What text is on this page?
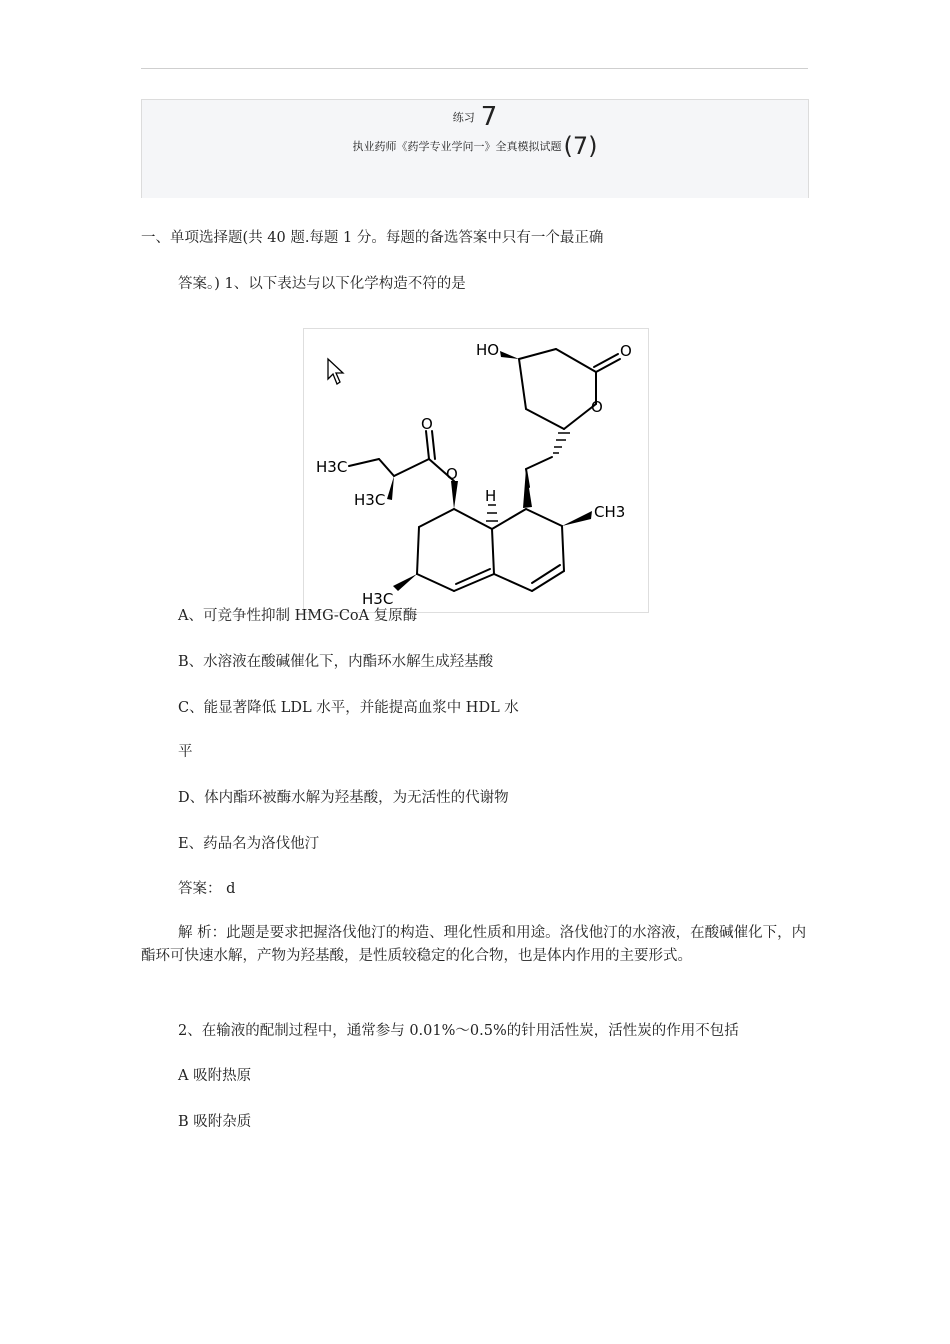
练习 7
执业药师《药学专业学问一》全真模拟试题(7)
一、单项选择题(共 40 题.每题 1 分。每题的备选答案中只有一个最正确
答案。) 1、以下表达与以下化学构造不符的是
HO	O
O
O
O
H
CH3
H3C
H3C
H3C
A、可竞争性抑制 HMG-CoA 复原酶
B、水溶液在酸碱催化下，内酯环水解生成羟基酸
C、能显著降低 LDL 水平，并能提高血浆中 HDL 水
平
D、体内酯环被酶水解为羟基酸，为无活性的代谢物
E、药品名为洛伐他汀
答案： d

解 析：此题是要求把握洛伐他汀的构造、理化性质和用途。洛伐他汀的水溶液，在酸碱催化下，内酯环可快速水解，产物为羟基酸，是性质较稳定的化合物，也是体内作用的主要形式。

2、在输液的配制过程中，通常参与 0.01%～0.5%的针用活性炭，活性炭的作用不包括
A 吸附热原
B 吸附杂质
